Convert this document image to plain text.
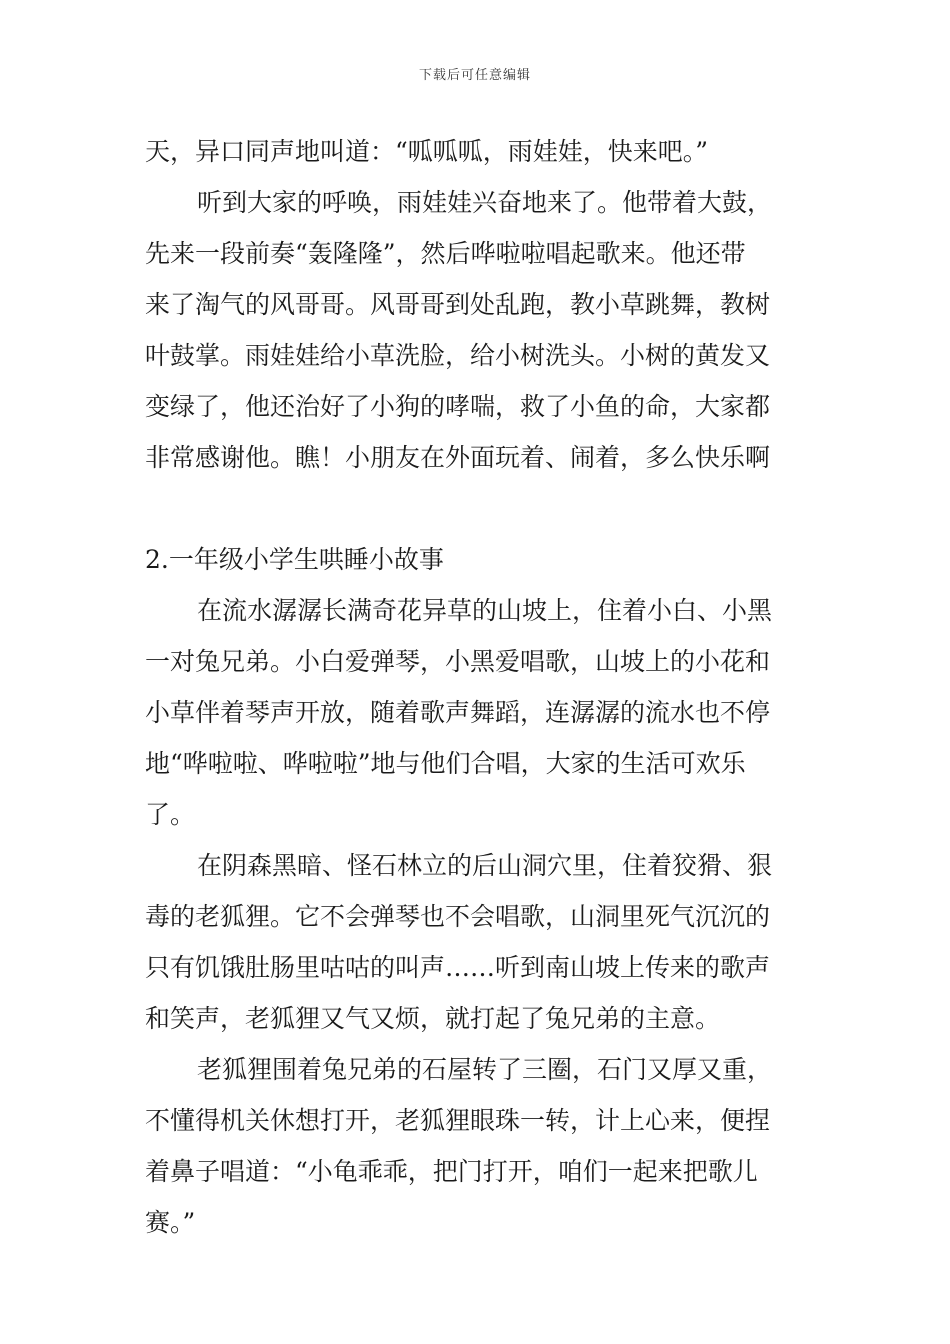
下载后可任意编辑
天，异口同声地叫道：“呱呱呱，雨娃娃，快来吧。”
听到大家的呼唤，雨娃娃兴奋地来了。他带着大鼓，
先来一段前奏“轰隆隆”，然后哗啦啦唱起歌来。他还带
来了淘气的风哥哥。风哥哥到处乱跑，教小草跳舞，教树
叶鼓掌。雨娃娃给小草洗脸，给小树洗头。小树的黄发又
变绿了，他还治好了小狗的哮喘，救了小鱼的命，大家都
非常感谢他。瞧！小朋友在外面玩着、闹着，多么快乐啊
2.一年级小学生哄睡小故事
在流水潺潺长满奇花异草的山坡上，住着小白、小黑
一对兔兄弟。小白爱弹琴，小黑爱唱歌，山坡上的小花和
小草伴着琴声开放，随着歌声舞蹈，连潺潺的流水也不停
地“哗啦啦、哗啦啦”地与他们合唱，大家的生活可欢乐
了。
在阴森黑暗、怪石林立的后山洞穴里，住着狡猾、狠
毒的老狐狸。它不会弹琴也不会唱歌，山洞里死气沉沉的
只有饥饿肚肠里咕咕的叫声……听到南山坡上传来的歌声
和笑声，老狐狸又气又烦，就打起了兔兄弟的主意。
老狐狸围着兔兄弟的石屋转了三圈，石门又厚又重，
不懂得机关休想打开，老狐狸眼珠一转，计上心来，便捏
着鼻子唱道：“小龟乖乖，把门打开，咱们一起来把歌儿
赛。”
